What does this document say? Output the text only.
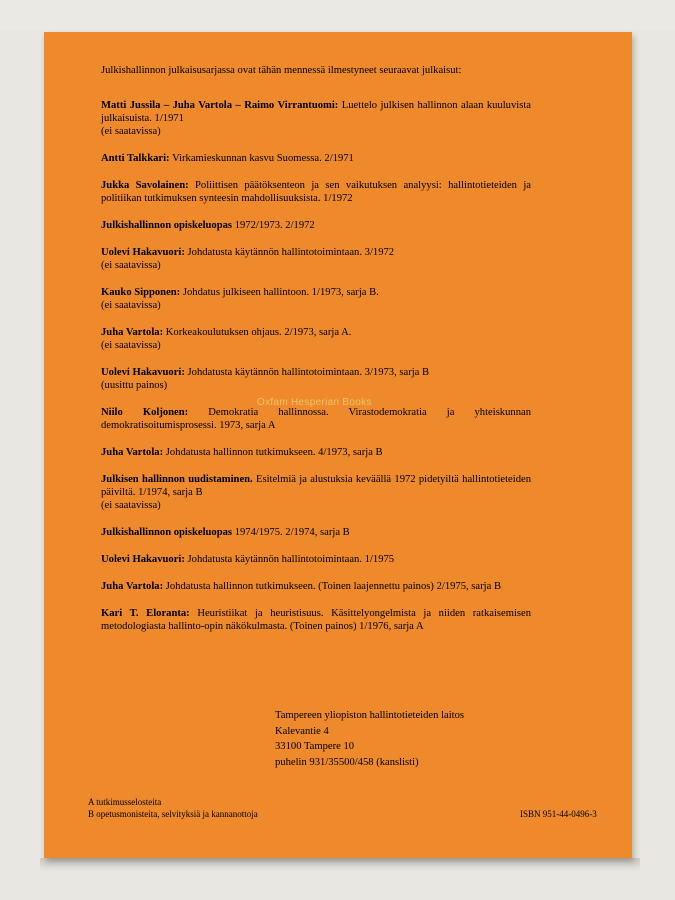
Julkishallinnon julkaisusarjassa ovat tähän mennessä ilmestyneet seuraavat julkaisut:

Matti Jussila – Juha Vartola – Raimo Virrantuomi: Luettelo julkisen hallinnon alaan kuuluvista julkaisuista. 1/1971
(ei saatavissa)

Antti Talkkari: Virkamieskunnan kasvu Suomessa. 2/1971

Jukka Savolainen: Poliittisen päätöksenteon ja sen vaikutuksen analyysi: hallintotieteiden ja politiikan tutkimuksen synteesin mahdollisuuksista. 1/1972

Julkishallinnon opiskeluopas 1972/1973. 2/1972

Uolevi Hakavuori: Johdatusta käytännön hallintotoimintaan. 3/1972
(ei saatavissa)

Kauko Sipponen: Johdatus julkiseen hallintoon. 1/1973, sarja B.
(ei saatavissa)

Juha Vartola: Korkeakoulutuksen ohjaus. 2/1973, sarja A.
(ei saatavissa)

Uolevi Hakavuori: Johdatusta käytännön hallintotoimintaan. 3/1973, sarja B
(uusittu painos)

Niilo Koljonen: Demokratia hallinnossa. Virastodemokratia ja yhteiskunnan demokratisoitumisprosessi. 1973, sarja A

Juha Vartola: Johdatusta hallinnon tutkimukseen. 4/1973, sarja B

Julkisen hallinnon uudistaminen. Esitelmiä ja alustuksia keväällä 1972 pidetyiltä hallintotieteiden päiviltä. 1/1974, sarja B
(ei saatavissa)

Julkishallinnon opiskeluopas 1974/1975. 2/1974, sarja B

Uolevi Hakavuori: Johdatusta käytännön hallintotoimintaan. 1/1975

Juha Vartola: Johdatusta hallinnon tutkimukseen. (Toinen laajennettu painos) 2/1975, sarja B

Kari T. Eloranta: Heuristiikat ja heuristisuus. Käsittelyongelmista ja niiden ratkaisemisen metodologiasta hallinto-opin näkökulmasta. (Toinen painos) 1/1976, sarja A

Oxfam Hesperian Books
Tampereen yliopiston hallintotieteiden laitos
Kalevantie 4
33100 Tampere 10
puhelin 931/35500/458 (kanslisti)
A tutkimusselosteita
B opetusmonisteita, selvityksiä ja kannanottoja	ISBN 951-44-0496-3
